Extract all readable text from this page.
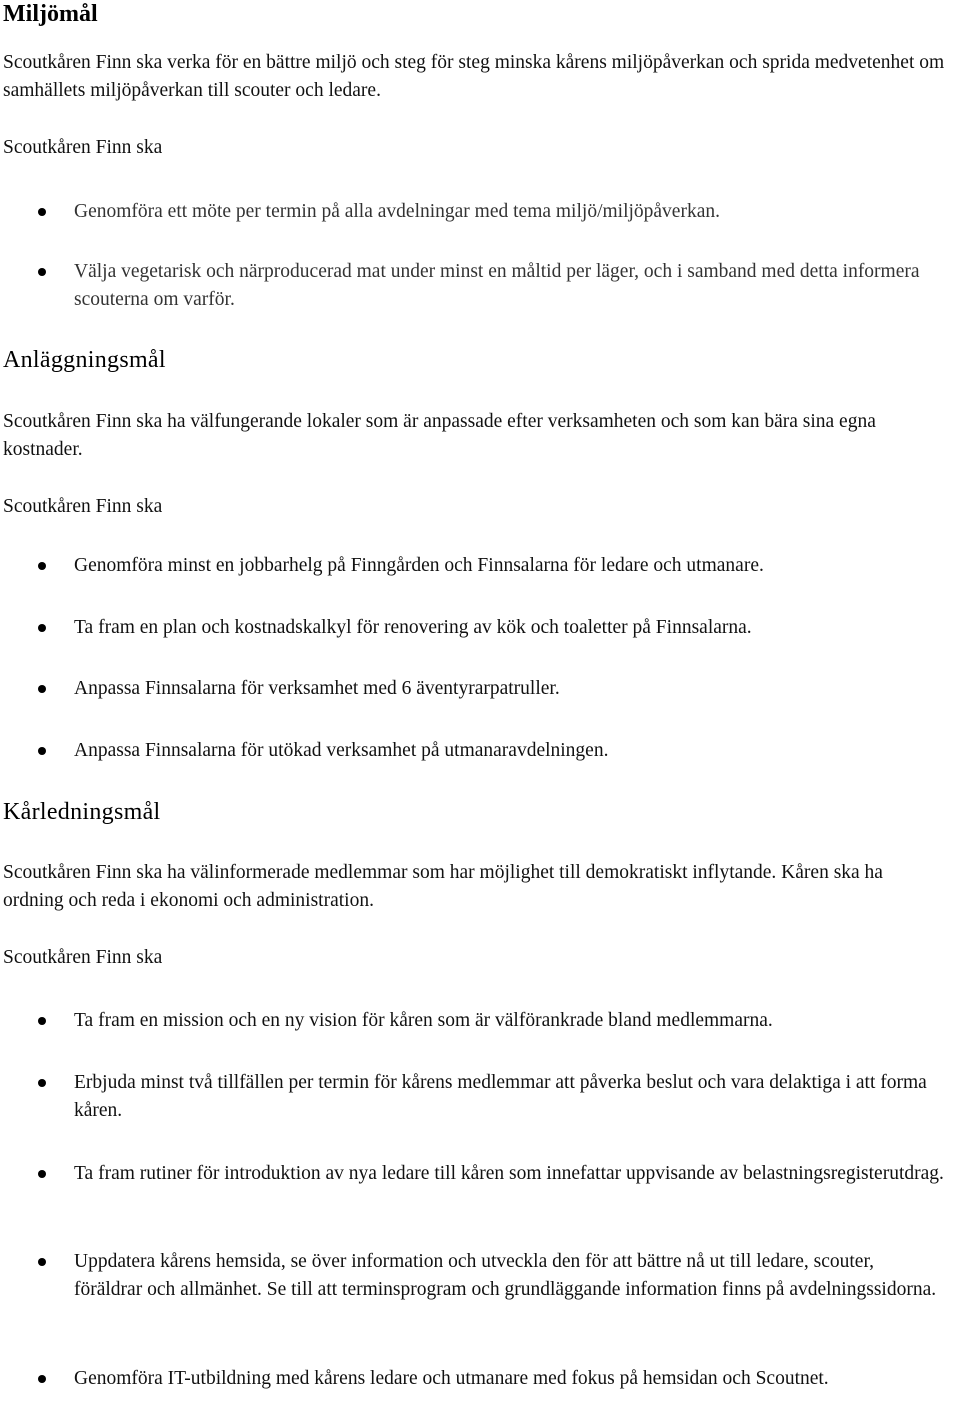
Miljömål

Scoutkåren Finn ska verka för en bättre miljö och steg för steg minska kårens miljöpåverkan och sprida medvetenhet om samhällets miljöpåverkan till scouter och ledare.

Scoutkåren Finn ska

Genomföra ett möte per termin på alla avdelningar med tema miljö/miljöpåverkan.
Välja vegetarisk och närproducerad mat under minst en måltid per läger, och i samband med detta informera scouterna om varför.
Anläggningsmål

Scoutkåren Finn ska ha välfungerande lokaler som är anpassade efter verksamheten och som kan bära sina egna kostnader.

Scoutkåren Finn ska

Genomföra minst en jobbarhelg på Finngården och Finnsalarna för ledare och utmanare.
Ta fram en plan och kostnadskalkyl för renovering av kök och toaletter på Finnsalarna.
Anpassa Finnsalarna för verksamhet med 6 äventyrarpatruller.
Anpassa Finnsalarna för utökad verksamhet på utmanaravdelningen.
Kårledningsmål

Scoutkåren Finn ska ha välinformerade medlemmar som har möjlighet till demokratiskt inflytande. Kåren ska ha ordning och reda i ekonomi och administration.

Scoutkåren Finn ska

Ta fram en mission och en ny vision för kåren som är välförankrade bland medlemmarna.
Erbjuda minst två tillfällen per termin för kårens medlemmar att påverka beslut och vara delaktiga i att forma kåren.
Ta fram rutiner för introduktion av nya ledare till kåren som innefattar uppvisande av belastningsregisterutdrag.
Uppdatera kårens hemsida, se över information och utveckla den för att bättre nå ut till ledare, scouter, föräldrar och allmänhet. Se till att terminsprogram och grundläggande information finns på avdelningssidorna.
Genomföra IT-utbildning med kårens ledare och utmanare med fokus på hemsidan och Scoutnet.
